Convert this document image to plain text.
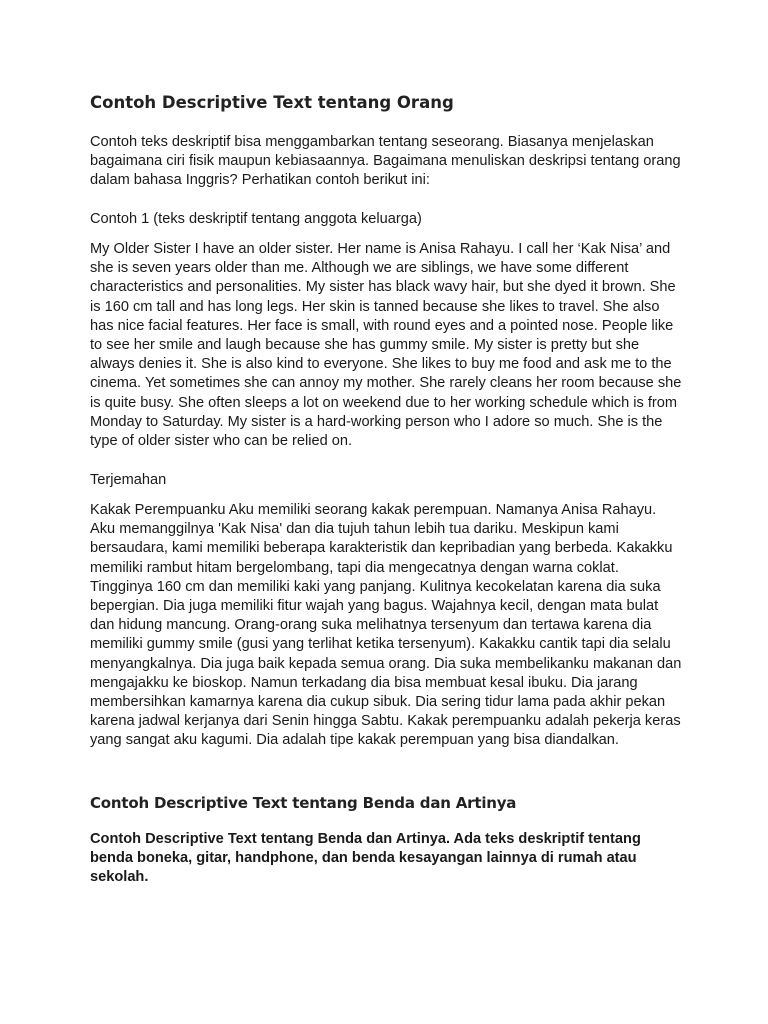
Contoh Descriptive Text tentang Orang

Contoh teks deskriptif bisa menggambarkan tentang seseorang. Biasanya menjelaskan bagaimana ciri fisik maupun kebiasaannya. Bagaimana menuliskan deskripsi tentang orang dalam bahasa Inggris? Perhatikan contoh berikut ini:

Contoh 1 (teks deskriptif tentang anggota keluarga)

My Older Sister I have an older sister. Her name is Anisa Rahayu. I call her ‘Kak Nisa’ and she is seven years older than me. Although we are siblings, we have some different characteristics and personalities. My sister has black wavy hair, but she dyed it brown. She is 160 cm tall and has long legs. Her skin is tanned because she likes to travel. She also has nice facial features. Her face is small, with round eyes and a pointed nose. People like to see her smile and laugh because she has gummy smile. My sister is pretty but she always denies it. She is also kind to everyone. She likes to buy me food and ask me to the cinema. Yet sometimes she can annoy my mother. She rarely cleans her room because she is quite busy. She often sleeps a lot on weekend due to her working schedule which is from Monday to Saturday. My sister is a hard-working person who I adore so much. She is the type of older sister who can be relied on.

Terjemahan

Kakak Perempuanku Aku memiliki seorang kakak perempuan. Namanya Anisa Rahayu. Aku memanggilnya 'Kak Nisa' dan dia tujuh tahun lebih tua dariku. Meskipun kami bersaudara, kami memiliki beberapa karakteristik dan kepribadian yang berbeda. Kakakku memiliki rambut hitam bergelombang, tapi dia mengecatnya dengan warna coklat. Tingginya 160 cm dan memiliki kaki yang panjang. Kulitnya kecokelatan karena dia suka bepergian. Dia juga memiliki fitur wajah yang bagus. Wajahnya kecil, dengan mata bulat dan hidung mancung. Orang-orang suka melihatnya tersenyum dan tertawa karena dia memiliki gummy smile (gusi yang terlihat ketika tersenyum). Kakakku cantik tapi dia selalu menyangkalnya. Dia juga baik kepada semua orang. Dia suka membelikanku makanan dan mengajakku ke bioskop. Namun terkadang dia bisa membuat kesal ibuku. Dia jarang membersihkan kamarnya karena dia cukup sibuk. Dia sering tidur lama pada akhir pekan karena jadwal kerjanya dari Senin hingga Sabtu. Kakak perempuanku adalah pekerja keras yang sangat aku kagumi. Dia adalah tipe kakak perempuan yang bisa diandalkan.

Contoh Descriptive Text tentang Benda dan Artinya

Contoh Descriptive Text tentang Benda dan Artinya. Ada teks deskriptif tentang benda boneka, gitar, handphone, dan benda kesayangan lainnya di rumah atau sekolah.
